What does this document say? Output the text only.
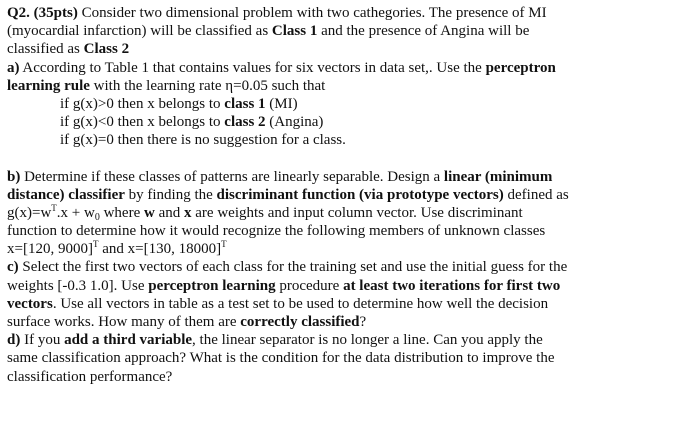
Q2. (35pts) Consider two dimensional problem with two cathegories. The presence of MI
(myocardial infarction) will be classified as Class 1 and the presence of Angina will be
classified as Class 2
a) According to Table 1 that contains values for six vectors in data set,. Use the perceptron
learning rule with the learning rate η=0.05 such that
if g(x)>0 then x belongs to class 1 (MI)
if g(x)<0 then x belongs to class 2 (Angina)
if g(x)=0 then there is no suggestion for a class.
b) Determine if these classes of patterns are linearly separable. Design a linear (minimum
distance) classifier by finding the discriminant function (via prototype vectors) defined as
$g(x)=w^T.x + w_0$ where w and x are weights and input column vector. Use discriminant
function to determine how it would recognize the following members of unknown classes
x=[120, 9000]$^T$ and x=[130, 18000]$^T$
c) Select the first two vectors of each class for the training set and use the initial guess for the
weights [-0.3 1.0]. Use perceptron learning procedure at least two iterations for first two
vectors. Use all vectors in table as a test set to be used to determine how well the decision
surface works. How many of them are correctly classified?
d) If you add a third variable, the linear separator is no longer a line. Can you apply the
same classification approach? What is the condition for the data distribution to improve the
classification performance?
